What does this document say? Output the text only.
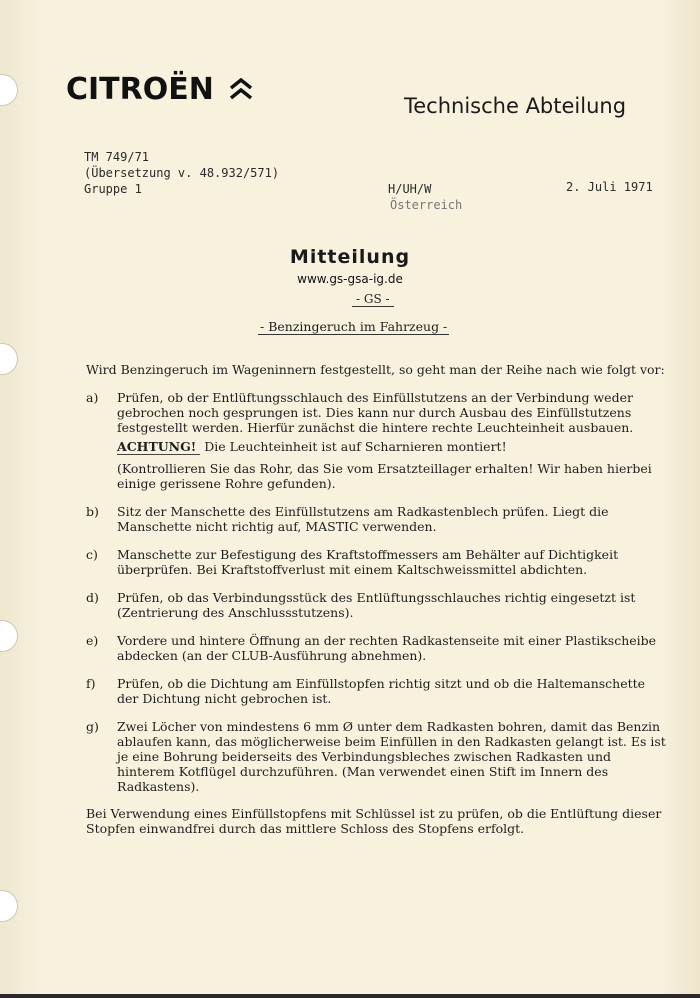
CITROËN	Technische Abteilung
TM 749/71
(Übersetzung v. 48.932/571)
Gruppe 1	H/UH/W
Österreich
2. Juli 1971
Mitteilung
www.gs-gsa-ig.de
- GS -
- Benzingeruch im Fahrzeug -
Wird Benzingeruch im Wageninnern festgestellt, so geht man der Reihe nach wie folgt vor:
a)	Prüfen, ob der Entlüftungsschlauch des Einfüllstutzens an der Verbindung weder gebrochen noch gesprungen ist. Dies kann nur durch Ausbau des Einfüllstutzens festgestellt werden. Hierfür zunächst die hintere rechte Leuchteinheit ausbauen.
ACHTUNG! Die Leuchteinheit ist auf Scharnieren montiert!
(Kontrollieren Sie das Rohr, das Sie vom Ersatzteillager erhalten! Wir haben hierbei einige gerissene Rohre gefunden).
b)	Sitz der Manschette des Einfüllstutzens am Radkastenblech prüfen. Liegt die Manschette nicht richtig auf, MASTIC verwenden.
c)	Manschette zur Befestigung des Kraftstoffmessers am Behälter auf Dichtigkeit überprüfen. Bei Kraftstoffverlust mit einem Kaltschweissmittel abdichten.
d)	Prüfen, ob das Verbindungsstück des Entlüftungsschlauches richtig eingesetzt ist (Zentrierung des Anschlussstutzens).
e)	Vordere und hintere Öffnung an der rechten Radkastenseite mit einer Plastikscheibe abdecken (an der CLUB-Ausführung abnehmen).
f)	Prüfen, ob die Dichtung am Einfüllstopfen richtig sitzt und ob die Haltemanschette der Dichtung nicht gebrochen ist.
g)	Zwei Löcher von mindestens 6 mm Ø unter dem Radkasten bohren, damit das Benzin ablaufen kann, das möglicherweise beim Einfüllen in den Radkasten gelangt ist. Es ist je eine Bohrung beiderseits des Verbindungsbleches zwischen Radkasten und hinterem Kotflügel durchzuführen. (Man verwendet einen Stift im Innern des Radkastens).
Bei Verwendung eines Einfüllstopfens mit Schlüssel ist zu prüfen, ob die Entlüftung dieser Stopfen einwandfrei durch das mittlere Schloss des Stopfens erfolgt.
